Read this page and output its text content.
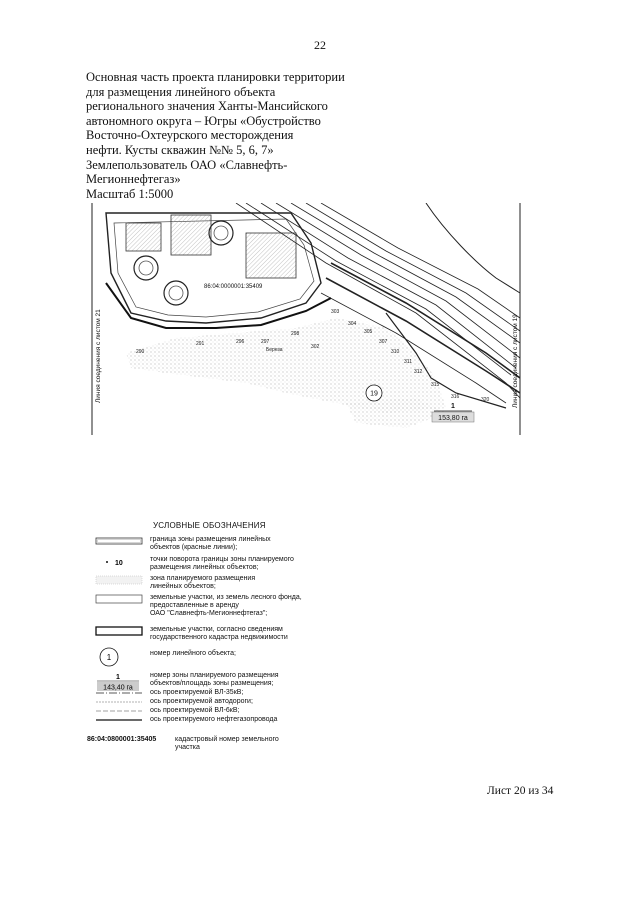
22
Основная часть проекта планировки территории
для размещения линейного объекта
регионального значения Ханты-Мансийского
автономного округа – Югры «Обустройство
Восточно-Охтеурского месторождения
нефти. Кусты скважин №№ 5, 6, 7»
Землепользователь ОАО «Славнефть-
Мегионнефтегаз»
Масштаб 1:5000
290
291	296	297
298
302
303
304
305
307
310
311
312
315
316	320
Береза
86:04:0000001:35409
19
1
153,80 га
Линия соединения с листом 21	Линия соединения с листом 19
УСЛОВНЫЕ ОБОЗНАЧЕНИЯ
граница зоны размещения линейных
объектов (красные линии);
10
точки поворота границы зоны планируемого
размещения линейных объектов;
зона планируемого размещения
линейных объектов;
земельные участки, из земель лесного фонда,
предоставленные в аренду
ОАО "Славнефть-Мегионнефтегаз";
земельные участки, согласно сведениям
государственного кадастра недвижимости
1	номер линейного объекта;
1
143,40 га
номер зоны планируемого размещения
объектов/площадь зоны размещения;
ось проектируемой ВЛ-35кВ;
ось проектируемой автодороги;
ось проектируемой ВЛ-6кВ;
ось проектируемого нефтегазопровода
86:04:0800001:35405	кадастровый номер земельного
участка
Лист 20 из 34
